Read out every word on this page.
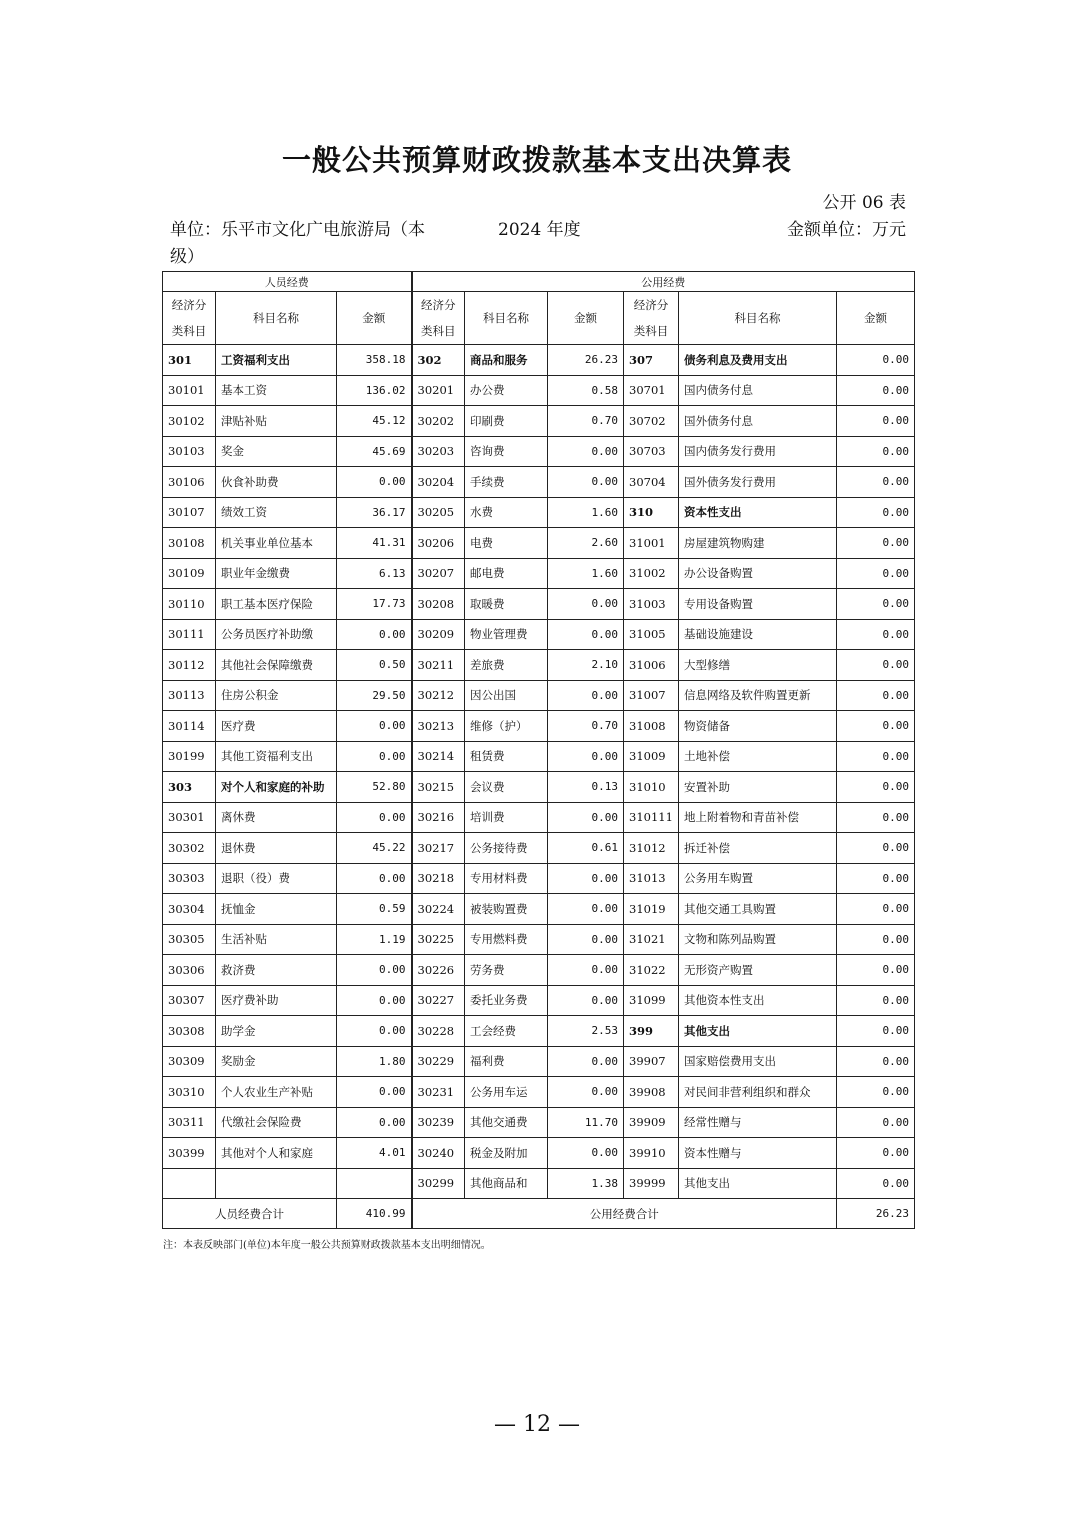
一般公共预算财政拨款基本支出决算表
公开 06 表
单位：乐平市文化广电旅游局（本级）
2024 年度	金额单位：万元
人员经费			公用经费					
经济分类科目	科目名称	金额	经济分类科目	科目名称	金额	经济分类科目	科目名称	金额
301	工资福利支出	358.18	302	商品和服务	26.23	307	债务利息及费用支出	0.00
30101	基本工资	136.02	30201	办公费	0.58	30701	国内债务付息	0.00
30102	津贴补贴	45.12	30202	印刷费	0.70	30702	国外债务付息	0.00
30103	奖金	45.69	30203	咨询费	0.00	30703	国内债务发行费用	0.00
30106	伙食补助费	0.00	30204	手续费	0.00	30704	国外债务发行费用	0.00
30107	绩效工资	36.17	30205	水费	1.60	310	资本性支出	0.00
30108	机关事业单位基本	41.31	30206	电费	2.60	31001	房屋建筑物购建	0.00
30109	职业年金缴费	6.13	30207	邮电费	1.60	31002	办公设备购置	0.00
30110	职工基本医疗保险	17.73	30208	取暖费	0.00	31003	专用设备购置	0.00
30111	公务员医疗补助缴	0.00	30209	物业管理费	0.00	31005	基础设施建设	0.00
30112	其他社会保障缴费	0.50	30211	差旅费	2.10	31006	大型修缮	0.00
30113	住房公积金	29.50	30212	因公出国	0.00	31007	信息网络及软件购置更新	0.00
30114	医疗费	0.00	30213	维修（护）	0.70	31008	物资储备	0.00
30199	其他工资福利支出	0.00	30214	租赁费	0.00	31009	土地补偿	0.00
303	对个人和家庭的补助	52.80	30215	会议费	0.13	31010	安置补助	0.00
30301	离休费	0.00	30216	培训费	0.00	310111	地上附着物和青苗补偿	0.00
30302	退休费	45.22	30217	公务接待费	0.61	31012	拆迁补偿	0.00
30303	退职（役）费	0.00	30218	专用材料费	0.00	31013	公务用车购置	0.00
30304	抚恤金	0.59	30224	被装购置费	0.00	31019	其他交通工具购置	0.00
30305	生活补贴	1.19	30225	专用燃料费	0.00	31021	文物和陈列品购置	0.00
30306	救济费	0.00	30226	劳务费	0.00	31022	无形资产购置	0.00
30307	医疗费补助	0.00	30227	委托业务费	0.00	31099	其他资本性支出	0.00
30308	助学金	0.00	30228	工会经费	2.53	399	其他支出	0.00
30309	奖励金	1.80	30229	福利费	0.00	39907	国家赔偿费用支出	0.00
30310	个人农业生产补贴	0.00	30231	公务用车运	0.00	39908	对民间非营利组织和群众	0.00
30311	代缴社会保险费	0.00	30239	其他交通费	11.70	39909	经常性赠与	0.00
30399	其他对个人和家庭	4.01	30240	税金及附加	0.00	39910	资本性赠与	0.00
			30299	其他商品和	1.38	39999	其他支出	0.00
人员经费合计		410.99	公用经费合计					26.23
注：本表反映部门(单位)本年度一般公共预算财政拨款基本支出明细情况。
— 12 —
